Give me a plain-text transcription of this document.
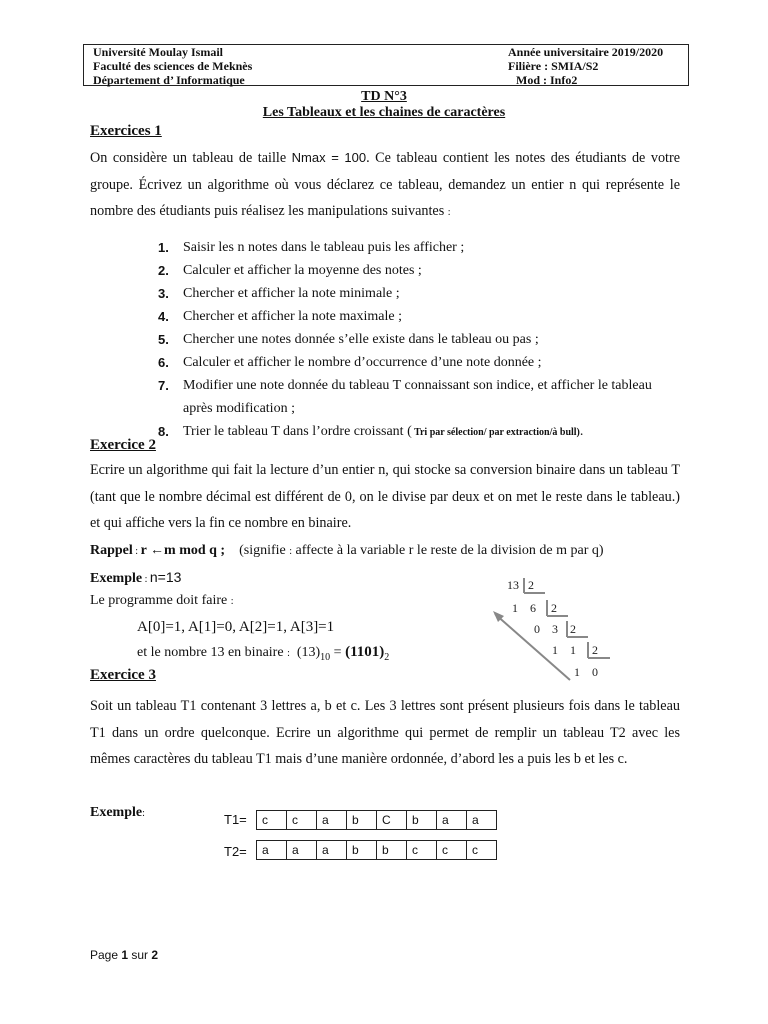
Université Moulay Ismail
Faculté des sciences de Meknès
Département d’ Informatique
Année universitaire 2019/2020
Filière : SMIA/S2
Mod : Info2
TD N°3
Les Tableaux et les chaines de caractères
Exercices 1
On considère un tableau de taille Nmax = 100. Ce tableau contient les notes des étudiants de votre groupe. Écrivez un algorithme où vous déclarez ce tableau, demandez un entier n qui représente le nombre des étudiants puis réalisez les manipulations suivantes :
1. Saisir les n notes dans le tableau puis les afficher ;
2. Calculer et afficher la moyenne des notes ;
3. Chercher et afficher la note minimale ;
4. Chercher et afficher la note maximale ;
5. Chercher une notes donnée s’elle existe dans le tableau ou pas ;
6. Calculer et afficher le nombre d’occurrence d’une note donnée ;
7. Modifier une note donnée du tableau T connaissant son indice, et afficher le tableau après modification ;
8. Trier le tableau T dans l’ordre croissant ( Tri par sélection/ par extraction/à bull).
Exercice 2
Ecrire un algorithme qui fait la lecture d’un entier n, qui stocke sa conversion binaire dans un tableau T (tant que le nombre décimal est différent de 0, on le divise par deux et on met le reste dans le tableau.) et qui affiche vers la fin ce nombre en binaire.
Rappel : r ←m mod q ; (signifie : affecte à la variable r le reste de la division de m par q)
Exemple : n=13
Le programme doit faire :
A[0]=1, A[1]=0, A[2]=1, A[3]=1
et le nombre 13 en binaire : $(13)_{10} = (1101)_2$
13 2
1 6 2
0 3 2
1 1 2
1 0
Exercice 3
Soit un tableau T1 contenant 3 lettres a, b et c. Les 3 lettres sont présent plusieurs fois dans le tableau T1 dans un ordre quelconque. Ecrire un algorithme qui permet de remplir un tableau T2 avec les mêmes caractères du tableau T1 mais d’une manière ordonnée, d’abord les a puis les b et les c.
Exemple:	T1= c	c	a	b	C	b	a	a
T2= a	a	a	b	b	c	c	c
Page 1 sur 2
